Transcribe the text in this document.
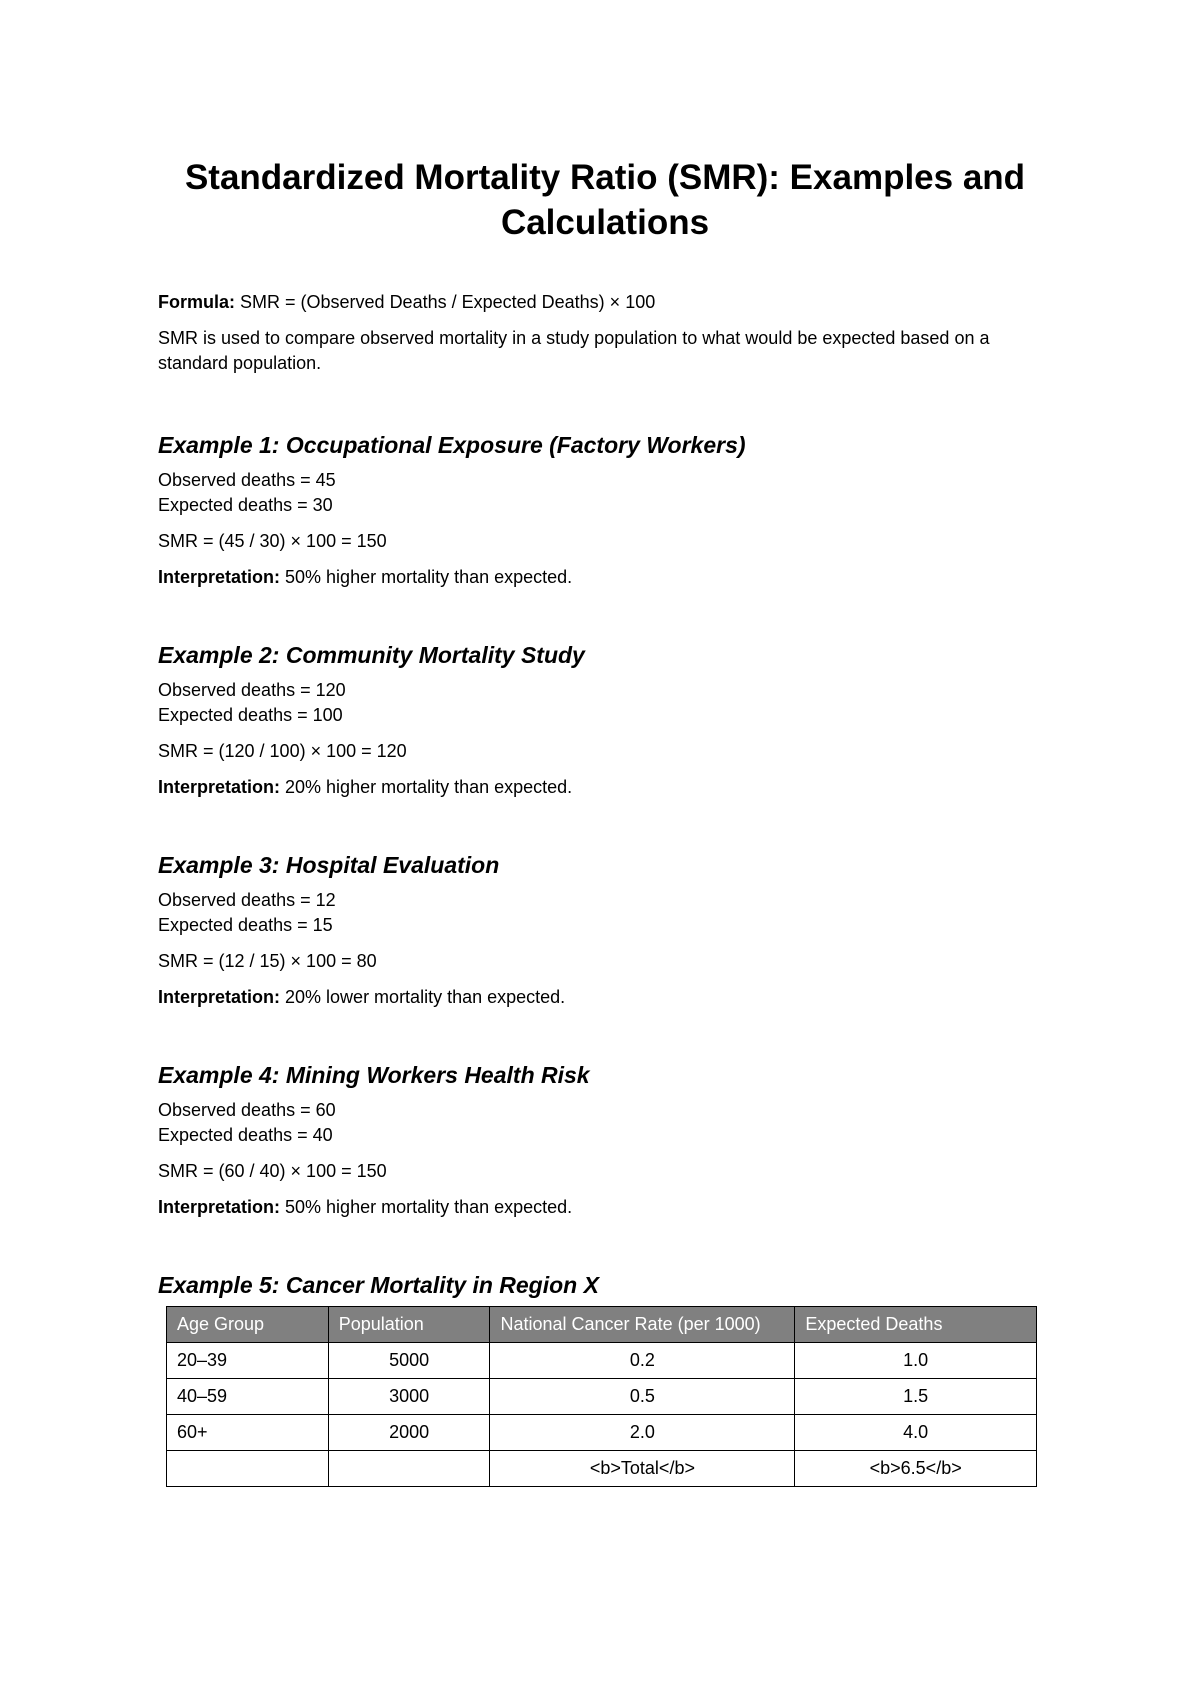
Standardized Mortality Ratio (SMR): Examples and Calculations

Formula: SMR = (Observed Deaths / Expected Deaths) × 100

SMR is used to compare observed mortality in a study population to what would be expected based on a standard population.

Example 1: Occupational Exposure (Factory Workers)

Observed deaths = 45

Expected deaths = 30

SMR = (45 / 30) × 100 = 150

Interpretation: 50% higher mortality than expected.

Example 2: Community Mortality Study

Observed deaths = 120

Expected deaths = 100

SMR = (120 / 100) × 100 = 120

Interpretation: 20% higher mortality than expected.

Example 3: Hospital Evaluation

Observed deaths = 12

Expected deaths = 15

SMR = (12 / 15) × 100 = 80

Interpretation: 20% lower mortality than expected.

Example 4: Mining Workers Health Risk

Observed deaths = 60

Expected deaths = 40

SMR = (60 / 40) × 100 = 150

Interpretation: 50% higher mortality than expected.

Example 5: Cancer Mortality in Region X
Age Group	Population	National Cancer Rate (per 1000)	Expected Deaths
20–39	5000	0.2	1.0
40–59	3000	0.5	1.5
60+	2000	2.0	4.0
		<b>Total</b>	<b>6.5</b>
